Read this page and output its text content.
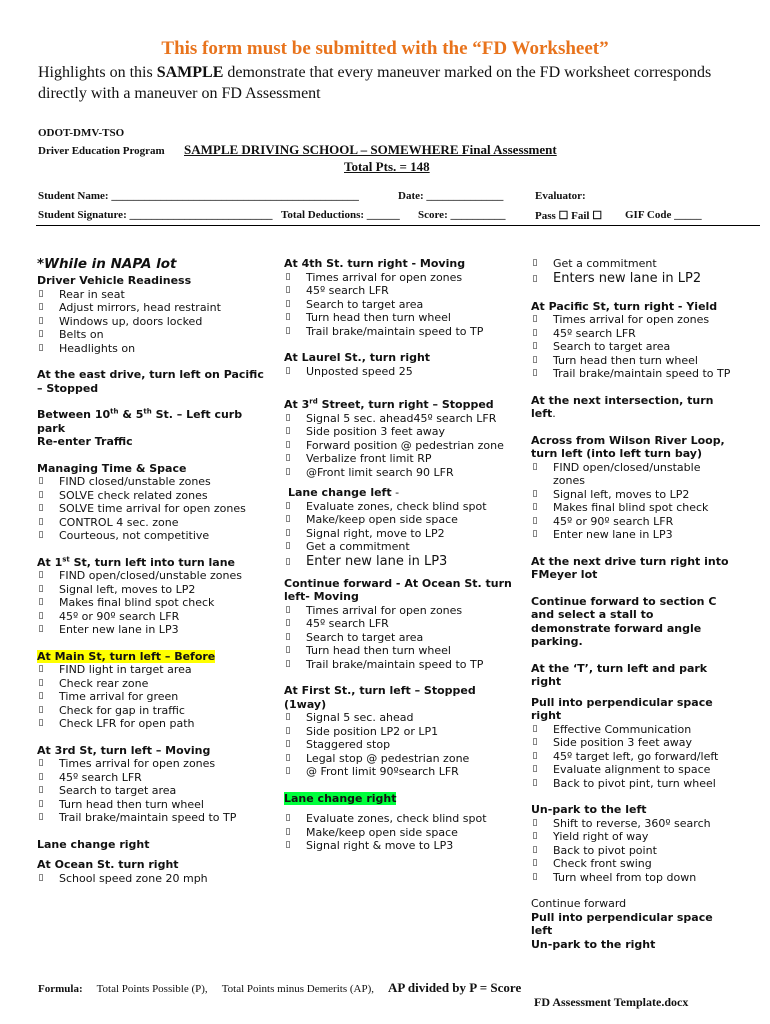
This form must be submitted with the “FD Worksheet”
Highlights on this SAMPLE demonstrate that every maneuver marked on the FD worksheet corresponds directly with a maneuver on FD Assessment
ODOT-DMV-TSO
Driver Education Program SAMPLE DRIVING SCHOOL – SOMEWHERE Final Assessment
Total Pts. = 148
Student Name: _____________________________________________	Date: ______________	Evaluator:
Student Signature: __________________________ Total Deductions: ______ Score: __________	Pass ☐ Fail ☐ GIF Code _____

*While in NAPA lot

Driver Vehicle Readiness

▯ Rear in seat
▯ Adjust mirrors, head restraint
▯ Windows up, doors locked
▯ Belts on
▯ Headlights on

At the east drive, turn left on Pacific – Stopped

Between 10th & 5th St. – Left curb park

Re-enter Traffic

Managing Time & Space

▯ FIND closed/unstable zones
▯ SOLVE check related zones
▯ SOLVE time arrival for open zones
▯ CONTROL 4 sec. zone
▯ Courteous, not competitive

At 1st St, turn left into turn lane

▯ FIND open/closed/unstable zones
▯ Signal left, moves to LP2
▯ Makes final blind spot check
▯ 45º or 90º search LFR
▯ Enter new lane in LP3

At Main St, turn left – Before

▯ FIND light in target area
▯ Check rear zone
▯ Time arrival for green
▯ Check for gap in traffic
▯ Check LFR for open path

At 3rd St, turn left – Moving

▯ Times arrival for open zones
▯ 45º search LFR
▯ Search to target area
▯ Turn head then turn wheel
▯ Trail brake/maintain speed to TP

Lane change right

At Ocean St. turn right

▯ School speed zone 20 mph

At 4th St. turn right - Moving

▯ Times arrival for open zones
▯ 45º search LFR
▯ Search to target area
▯ Turn head then turn wheel
▯ Trail brake/maintain speed to TP

At Laurel St., turn right

▯ Unposted speed 25

At 3rd Street, turn right – Stopped

▯ Signal 5 sec. ahead45º search LFR
▯ Side position 3 feet away
▯ Forward position @ pedestrian zone
▯ Verbalize front limit RP
▯ @Front limit search 90 LFR

Lane change left -

▯ Evaluate zones, check blind spot
▯ Make/keep open side space
▯ Signal right, move to LP2
▯ Get a commitment
▯ Enter new lane in LP3

Continue forward - At Ocean St. turn left- Moving

▯ Times arrival for open zones
▯ 45º search LFR
▯ Search to target area
▯ Turn head then turn wheel
▯ Trail brake/maintain speed to TP

At First St., turn left – Stopped (1way)

▯ Signal 5 sec. ahead
▯ Side position LP2 or LP1
▯ Staggered stop
▯ Legal stop @ pedestrian zone
▯ @ Front limit 90ºsearch LFR

Lane change right

▯ Evaluate zones, check blind spot
▯ Make/keep open side space
▯ Signal right & move to LP3
▯ Get a commitment
▯ Enters new lane in LP2

At Pacific St, turn right - Yield

▯ Times arrival for open zones
▯ 45º search LFR
▯ Search to target area
▯ Turn head then turn wheel
▯ Trail brake/maintain speed to TP

At the next intersection, turn left.

Across from Wilson River Loop, turn left (into left turn bay)

▯ FIND open/closed/unstable zones
▯ Signal left, moves to LP2
▯ Makes final blind spot check
▯ 45º or 90º search LFR
▯ Enter new lane in LP3

At the next drive turn right into FMeyer lot

Continue forward to section C and select a stall to demonstrate forward angle parking.

At the ‘T’, turn left and park right

Pull into perpendicular space right

▯ Effective Communication
▯ Side position 3 feet away
▯ 45º target left, go forward/left
▯ Evaluate alignment to space
▯ Back to pivot pint, turn wheel

Un-park to the left

▯ Shift to reverse, 360º search
▯ Yield right of way
▯ Back to pivot point
▯ Check front swing
▯ Turn wheel from top down

Continue forward

Pull into perpendicular space left

Un-park to the right

Formula: Total Points Possible (P), Total Points minus Demerits (AP), AP divided by P = Score
FD Assessment Template.docx
